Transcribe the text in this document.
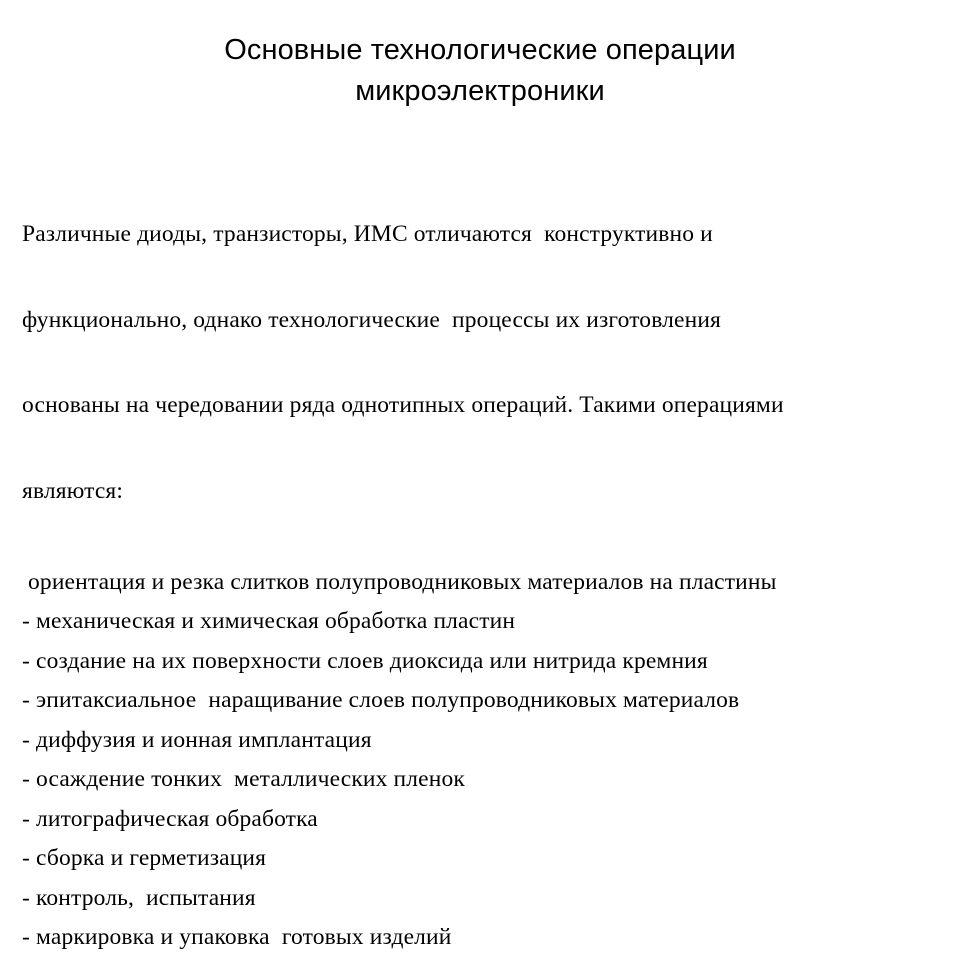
Основные технологические операции
микроэлектроники

Различные диоды, транзисторы, ИМС отличаются  конструктивно и

функционально, однако технологические  процессы их изготовления

основаны на чередовании ряда однотипных операций. Такими операциями

являются:

ориентация и резка слитков полупроводниковых материалов на пластины
- механическая и химическая обработка пластин
- создание на их поверхности слоев диоксида или нитрида кремния
- эпитаксиальное  наращивание слоев полупроводниковых материалов
- диффузия и ионная имплантация
- осаждение тонких  металлических пленок
- литографическая обработка
- сборка и герметизация
- контроль,  испытания
- маркировка и упаковка  готовых изделий
